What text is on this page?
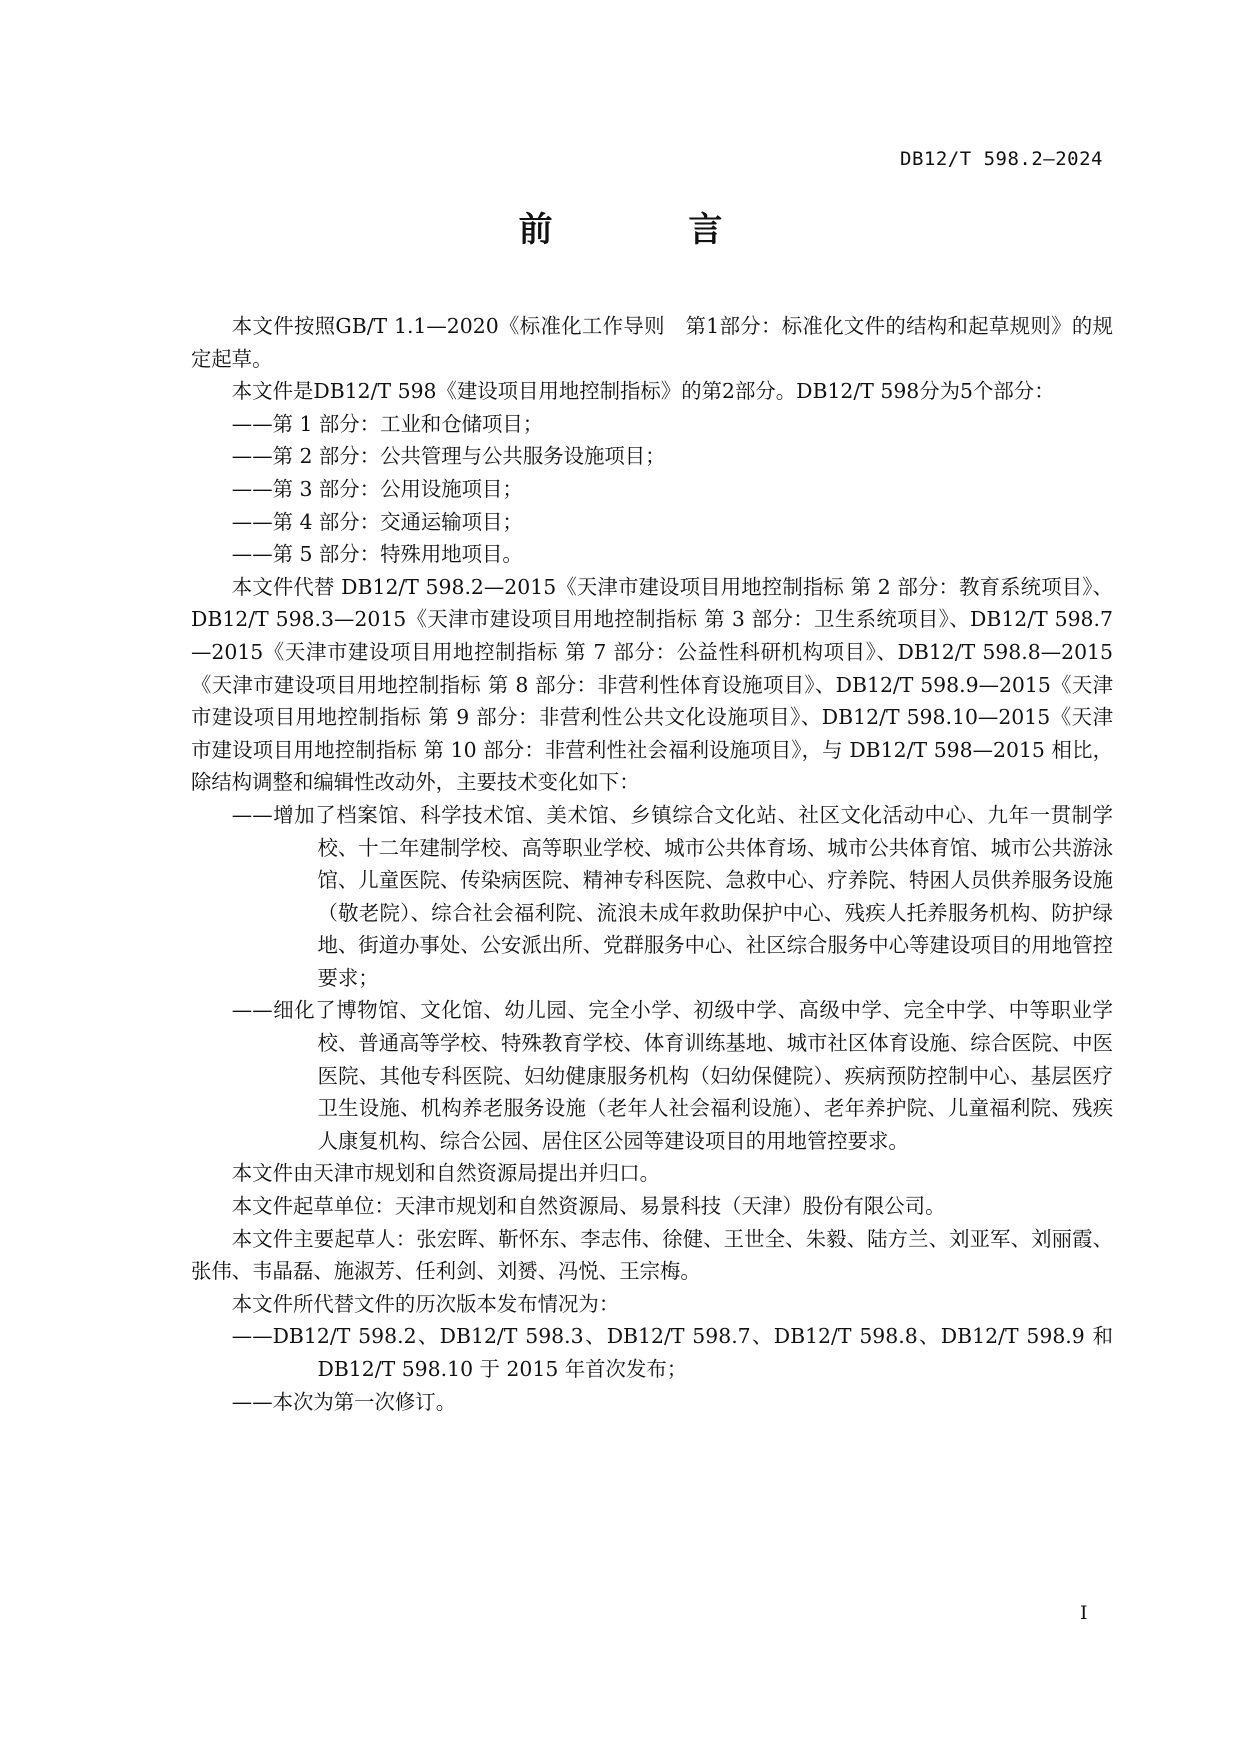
DB12/T 598.2—2024
前 言

本文件按照GB/T 1.1—2020《标准化工作导则　第1部分：标准化文件的结构和起草规则》的规定起草。

本文件是DB12/T 598《建设项目用地控制指标》的第2部分。DB12/T 598分为5个部分：

——第 1 部分：工业和仓储项目；

——第 2 部分：公共管理与公共服务设施项目；

——第 3 部分：公用设施项目；

——第 4 部分：交通运输项目；

——第 5 部分：特殊用地项目。

本文件代替 DB12/T 598.2—2015《天津市建设项目用地控制指标 第 2 部分：教育系统项目》、DB12/T 598.3—2015《天津市建设项目用地控制指标 第 3 部分：卫生系统项目》、DB12/T 598.7—2015《天津市建设项目用地控制指标 第 7 部分：公益性科研机构项目》、DB12/T 598.8—2015《天津市建设项目用地控制指标 第 8 部分：非营利性体育设施项目》、DB12/T 598.9—2015《天津市建设项目用地控制指标 第 9 部分：非营利性公共文化设施项目》、DB12/T 598.10—2015《天津市建设项目用地控制指标 第 10 部分：非营利性社会福利设施项目》，与 DB12/T 598—2015 相比，除结构调整和编辑性改动外，主要技术变化如下：

——增加了档案馆、科学技术馆、美术馆、乡镇综合文化站、社区文化活动中心、九年一贯制学校、十二年建制学校、高等职业学校、城市公共体育场、城市公共体育馆、城市公共游泳馆、儿童医院、传染病医院、精神专科医院、急救中心、疗养院、特困人员供养服务设施（敬老院）、综合社会福利院、流浪未成年救助保护中心、残疾人托养服务机构、防护绿地、街道办事处、公安派出所、党群服务中心、社区综合服务中心等建设项目的用地管控要求；

——细化了博物馆、文化馆、幼儿园、完全小学、初级中学、高级中学、完全中学、中等职业学校、普通高等学校、特殊教育学校、体育训练基地、城市社区体育设施、综合医院、中医医院、其他专科医院、妇幼健康服务机构（妇幼保健院）、疾病预防控制中心、基层医疗卫生设施、机构养老服务设施（老年人社会福利设施）、老年养护院、儿童福利院、残疾人康复机构、综合公园、居住区公园等建设项目的用地管控要求。

本文件由天津市规划和自然资源局提出并归口。

本文件起草单位：天津市规划和自然资源局、易景科技（天津）股份有限公司。

本文件主要起草人：张宏晖、靳怀东、李志伟、徐健、王世全、朱毅、陆方兰、刘亚军、刘丽霞、张伟、韦晶磊、施淑芳、任利剑、刘赟、冯悦、王宗梅。

本文件所代替文件的历次版本发布情况为：

——DB12/T 598.2、DB12/T 598.3、DB12/T 598.7、DB12/T 598.8、DB12/T 598.9 和 DB12/T 598.10 于 2015 年首次发布；

——本次为第一次修订。

I
